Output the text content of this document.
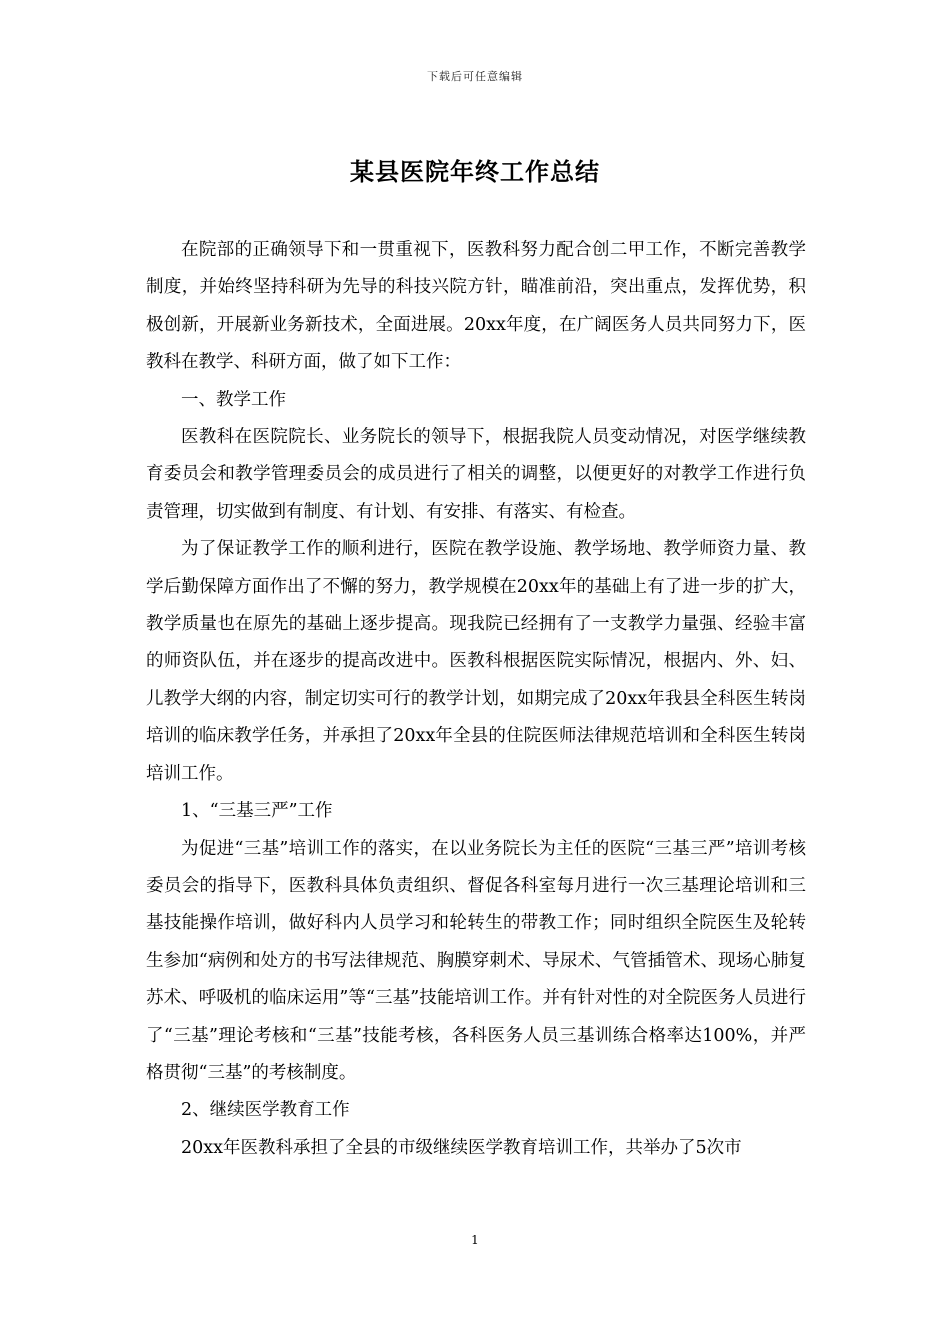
下载后可任意编辑
某县医院年终工作总结

在院部的正确领导下和一贯重视下，医教科努力配合创二甲工作，不断完善教学制度，并始终坚持科研为先导的科技兴院方针，瞄准前沿，突出重点，发挥优势，积极创新，开展新业务新技术，全面进展。20xx年度，在广阔医务人员共同努力下，医教科在教学、科研方面，做了如下工作：

一、教学工作

医教科在医院院长、业务院长的领导下，根据我院人员变动情况，对医学继续教育委员会和教学管理委员会的成员进行了相关的调整，以便更好的对教学工作进行负责管理，切实做到有制度、有计划、有安排、有落实、有检查。

为了保证教学工作的顺利进行，医院在教学设施、教学场地、教学师资力量、教学后勤保障方面作出了不懈的努力，教学规模在20xx年的基础上有了进一步的扩大，教学质量也在原先的基础上逐步提高。现我院已经拥有了一支教学力量强、经验丰富的师资队伍，并在逐步的提高改进中。医教科根据医院实际情况，根据内、外、妇、儿教学大纲的内容，制定切实可行的教学计划，如期完成了20xx年我县全科医生转岗培训的临床教学任务，并承担了20xx年全县的住院医师法律规范培训和全科医生转岗培训工作。

1、“三基三严”工作

为促进“三基”培训工作的落实，在以业务院长为主任的医院“三基三严”培训考核委员会的指导下，医教科具体负责组织、督促各科室每月进行一次三基理论培训和三基技能操作培训，做好科内人员学习和轮转生的带教工作；同时组织全院医生及轮转生参加“病例和处方的书写法律规范、胸膜穿刺术、导尿术、气管插管术、现场心肺复苏术、呼吸机的临床运用”等“三基”技能培训工作。并有针对性的对全院医务人员进行了“三基”理论考核和“三基”技能考核，各科医务人员三基训练合格率达100%，并严格贯彻“三基”的考核制度。

2、继续医学教育工作

20xx年医教科承担了全县的市级继续医学教育培训工作，共举办了5次市

1
